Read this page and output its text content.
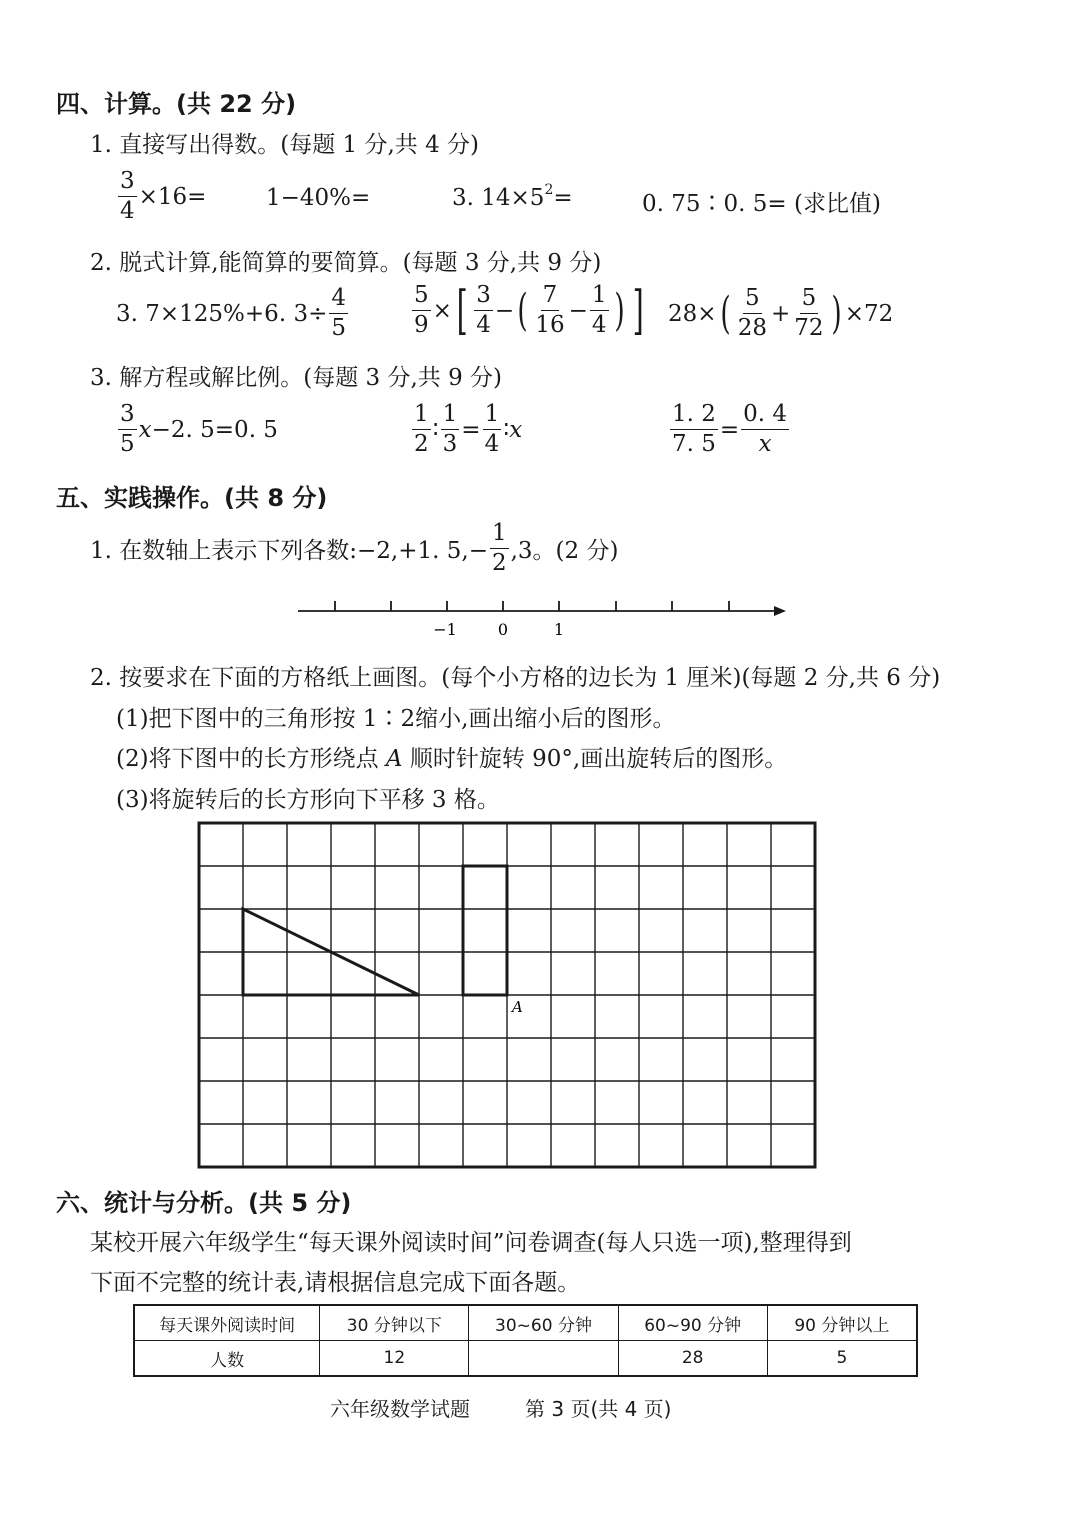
四、计算。(共 22 分)
1. 直接写出得数。(每题 1 分,共 4 分)
$\frac{3}{4} \times 16=$	1−40%=	3. $14\times 5^2$ =	0. 75∶0. 5= (求比值)
2. 脱式计算,能简算的要简算。(每题 3 分,共 9 分)
3. 7×125%+6. $3\div \frac{4}{5}$	$\frac{5}{9}$ × [ $\frac{3}{4}$ − ( $\frac{7}{16} - \frac{1}{4}$ ) ] 28× ( $\frac{5}{28} + \frac{5}{72}$ ) ×72
3. 解方程或解比例。(每题 3 分,共 9 分)
$\frac{3}{5}$ x −2. 5=0. 5	$\frac{1}{2}$ ∶ $\frac{1}{3} = \frac{1}{4}$ ∶ x	$\frac{1. 2}{7. 5} = \frac{0. 4}{x}$
五、实践操作。(共 8 分)
1. 在数轴上表示下列各数:−2,+1. $5,- \frac{1}{2} ,3$。(2 分)
−1	0	1
2. 按要求在下面的方格纸上画图。(每个小方格的边长为 1 厘米)(每题 2 分,共 6 分)
(1)把下图中的三角形按 1∶2缩小,画出缩小后的图形。
(2)将下图中的长方形绕点 A 顺时针旋转 90°,画出旋转后的图形。
(3)将旋转后的长方形向下平移 3 格。
A
六、统计与分析。(共 5 分)
某校开展六年级学生“每天课外阅读时间”问卷调查(每人只选一项),整理得到
下面不完整的统计表,请根据信息完成下面各题。
每天课外阅读时间	30 分钟以下	30~60 分钟	60~90 分钟	90 分钟以上
人数	12		28	5
六年级数学试题	第 3 页(共 4 页)
